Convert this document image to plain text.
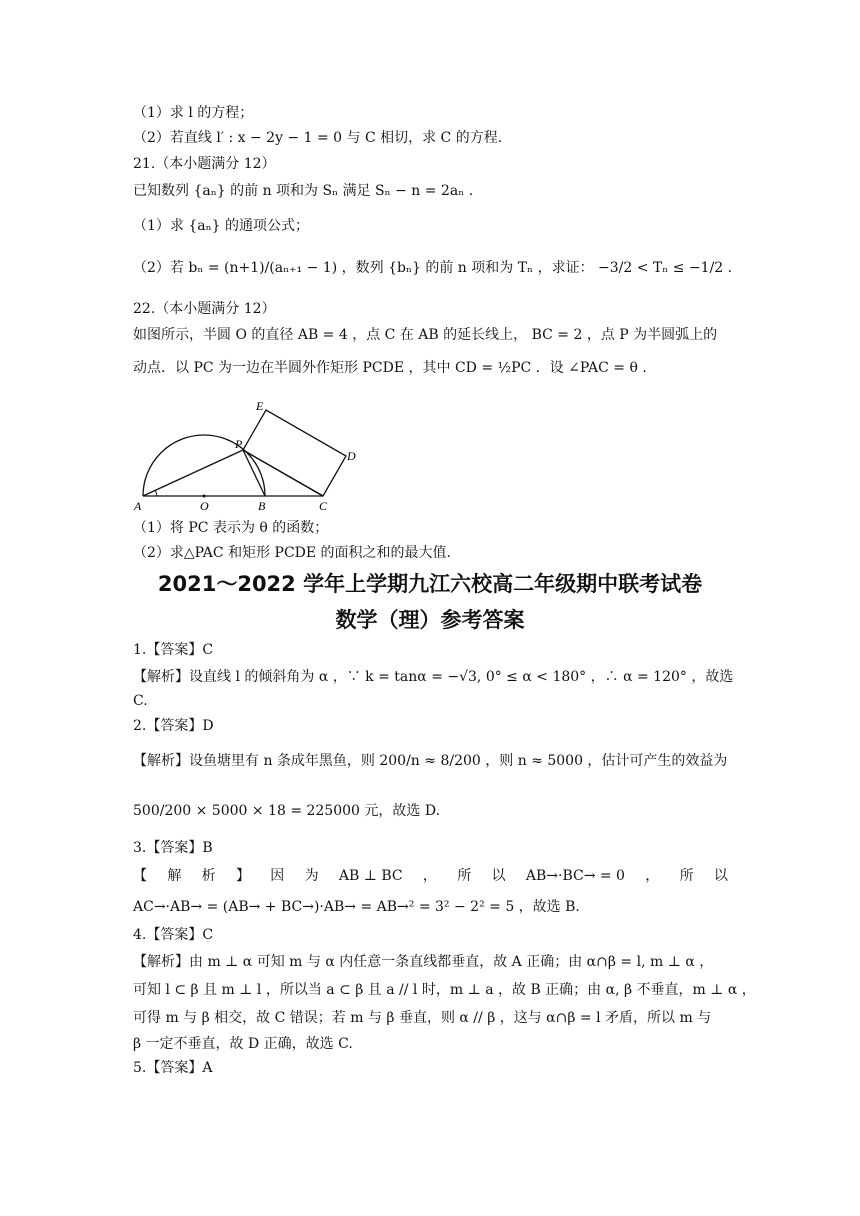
（1）求 l 的方程；
（2）若直线 l′ : x − 2y − 1 = 0 与 C 相切，求 C 的方程.
21.（本小题满分 12）
已知数列 {aₙ} 的前 n 项和为 Sₙ 满足 Sₙ − n = 2aₙ .
（1）求 {aₙ} 的通项公式；
（2）若 bₙ = (n+1)/(aₙ₊₁ − 1) ，数列 {bₙ} 的前 n 项和为 Tₙ ，求证： −3/2 < Tₙ ≤ −1/2 .
22.（本小题满分 12）
如图所示，半圆 O 的直径 AB = 4 ，点 C 在 AB 的延长线上， BC = 2 ，点 P 为半圆弧上的
动点．以 PC 为一边在半圆外作矩形 PCDE ，其中 CD = ½PC ．设 ∠PAC = θ .
A	O	B	C
P
D
E
（1）将 PC 表示为 θ 的函数；
（2）求△PAC 和矩形 PCDE 的面积之和的最大值.
2021～2022 学年上学期九江六校高二年级期中联考试卷
数学（理）参考答案
1.【答案】C
【解析】设直线 l 的倾斜角为 α ，∵ k = tanα = −√3, 0° ≤ α < 180° ，∴ α = 120° ，故选
C.
2.【答案】D
【解析】设鱼塘里有 n 条成年黑鱼，则 200/n ≈ 8/200 ，则 n ≈ 5000 ，估计可产生的效益为
500/200 × 5000 × 18 = 225000 元，故选 D.
3.【答案】B
【 解 析 】 因 为 AB ⊥ BC ， 所 以 AB→·BC→ = 0 ， 所 以
AC→·AB→ = (AB→ + BC→)·AB→ = AB→² = 3² − 2² = 5 ，故选 B.
4.【答案】C
【解析】由 m ⊥ α 可知 m 与 α 内任意一条直线都垂直，故 A 正确；由 α∩β = l, m ⊥ α ，
可知 l ⊂ β 且 m ⊥ l ，所以当 a ⊂ β 且 a // l 时，m ⊥ a ，故 B 正确；由 α, β 不垂直，m ⊥ α ，
可得 m 与 β 相交，故 C 错误；若 m 与 β 垂直，则 α // β ，这与 α∩β = l 矛盾，所以 m 与
β 一定不垂直，故 D 正确，故选 C.
5.【答案】A
